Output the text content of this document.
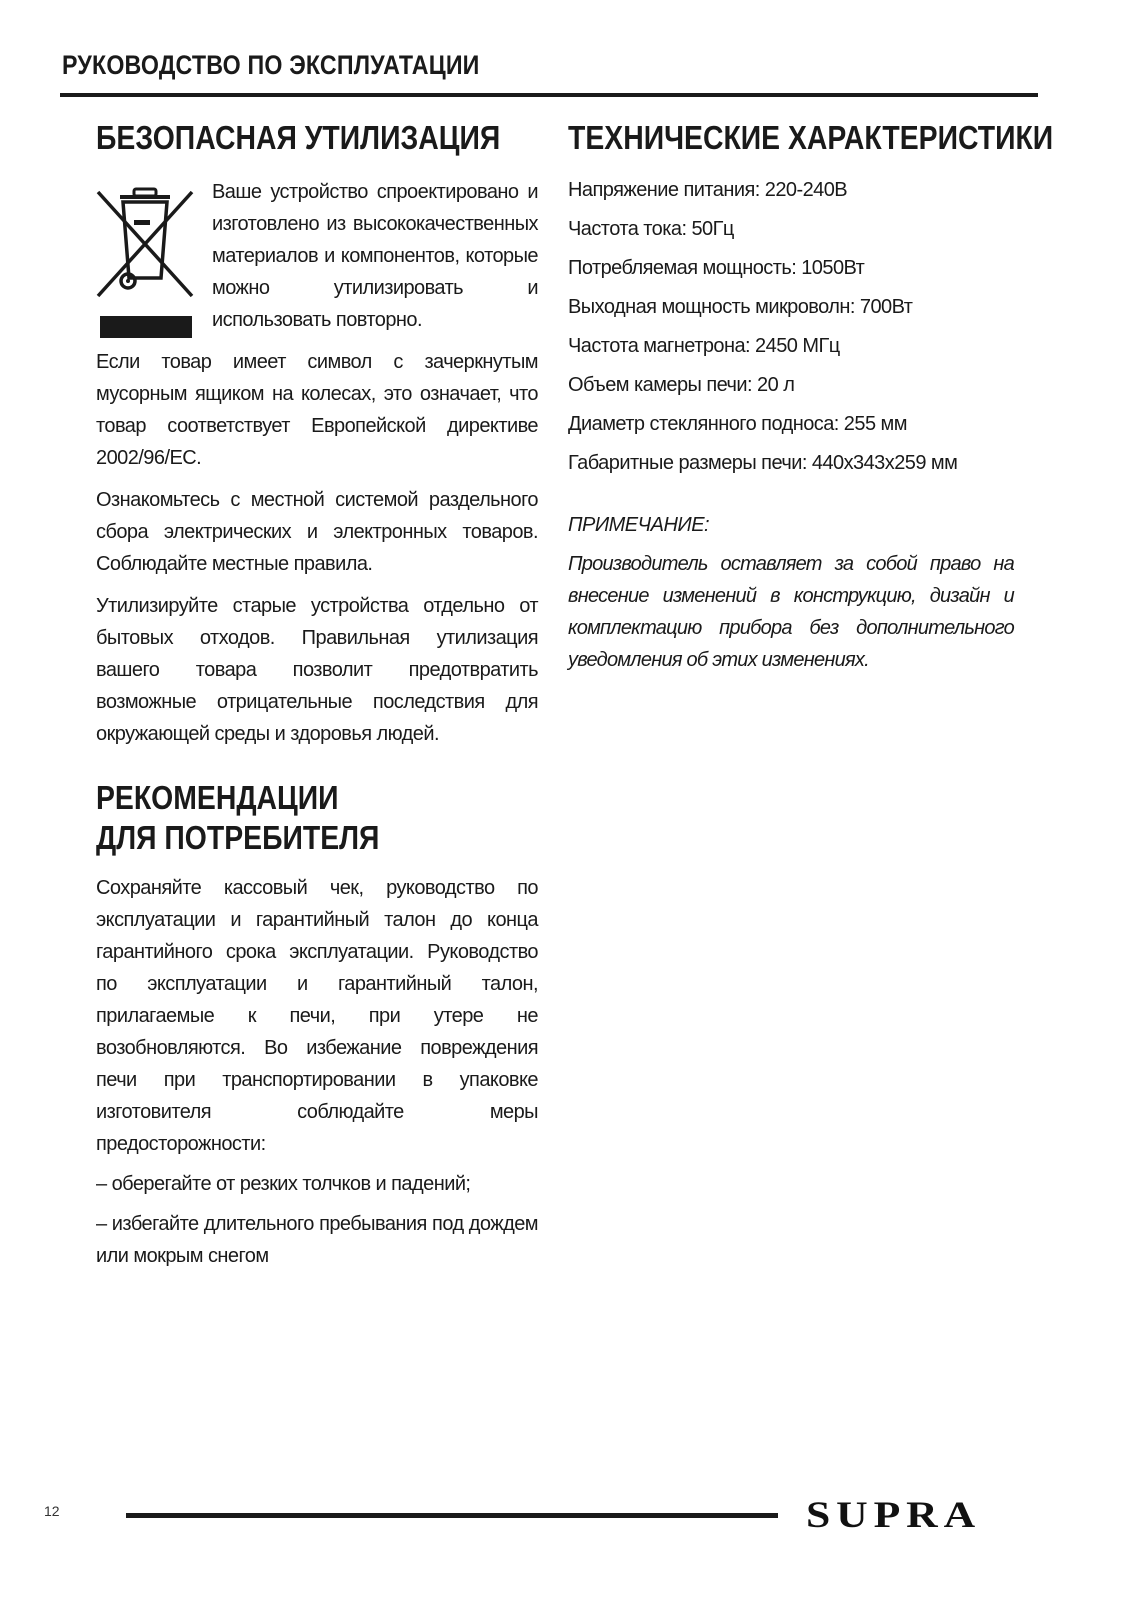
РУКОВОДСТВО ПО ЭКСПЛУАТАЦИИ
БЕЗОПАСНАЯ УТИЛИЗАЦИЯ

Ваше устройство спроектировано и изготовлено из высококачественных материалов и компонентов, которые можно утилизировать и использовать повторно.

Если товар имеет символ с зачеркнутым мусорным ящиком на колесах, это означает, что товар соответствует Европейской директиве 2002/96/EC.

Ознакомьтесь с местной системой раздельного сбора электрических и электронных товаров. Соблюдайте местные правила.

Утилизируйте старые устройства отдельно от бытовых отходов. Правильная утилизация вашего товара позволит предотвратить возможные отрицательные последствия для окружающей среды и здоровья людей.

РЕКОМЕНДАЦИИ
ДЛЯ ПОТРЕБИТЕЛЯ

Сохраняйте кассовый чек, руководство по эксплуатации и гарантийный талон до конца гарантийного срока эксплуатации. Руководство по эксплуатации и гарантийный талон, прилагаемые к печи, при утере не возобновляются. Во избежание повреждения печи при транспортировании в упаковке изготовителя соблюдайте меры предосторожности:

– оберегайте от резких толчков и падений;

– избегайте длительного пребывания под дождем или мокрым снегом

ТЕХНИЧЕСКИЕ ХАРАКТЕРИСТИКИ
Напряжение питания: 220-240В
Частота тока: 50Гц
Потребляемая мощность: 1050Вт
Выходная мощность микроволн: 700Вт
Частота магнетрона: 2450 МГц
Объем камеры печи: 20 л
Диаметр стеклянного подноса: 255 мм
Габаритные размеры печи: 440х343х259 мм
ПРИМЕЧАНИЕ:
Производитель оставляет за собой право на внесение изменений в конструкцию, дизайн и комплектацию прибора без дополнительного уведомления об этих изменениях.
12	SUPRA
